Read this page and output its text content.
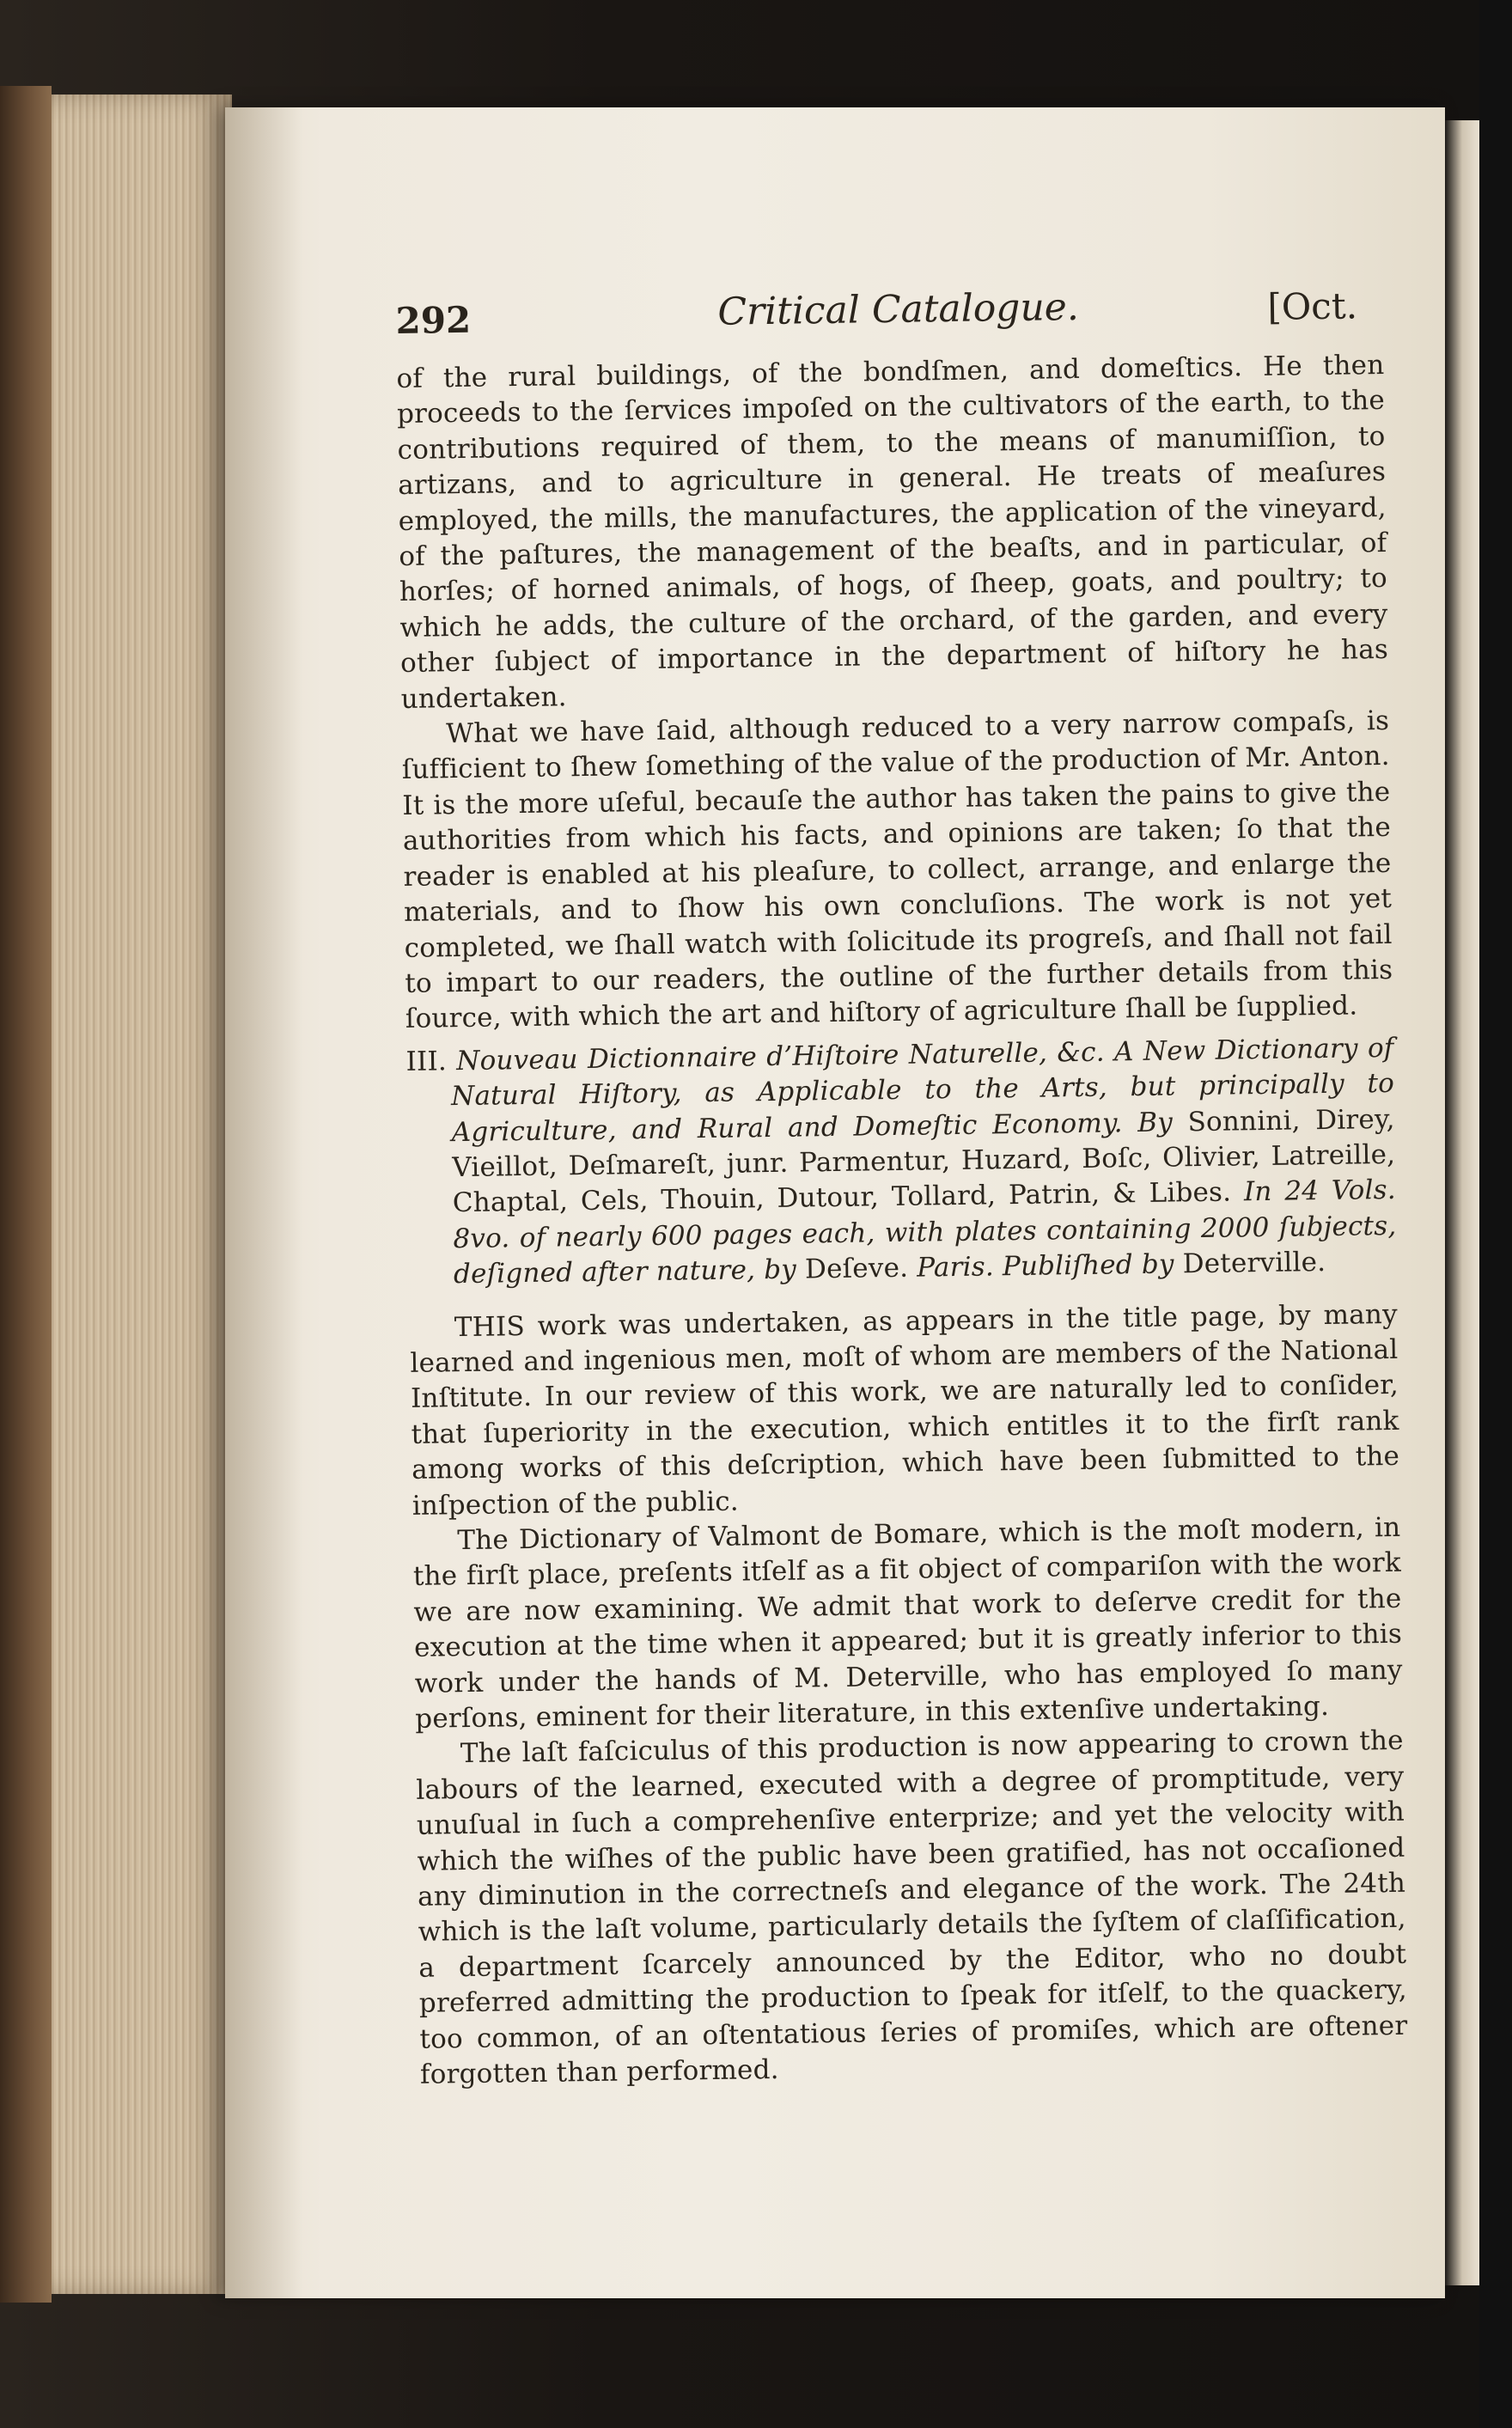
292	Critical Catalogue.	[Oct.

of the rural buildings, of the bondſmen, and domeſtics. He then proceeds to the ſervices impoſed on the cultivators of the earth, to the contributions required of them, to the means of manumiſſion, to artizans, and to agriculture in general. He treats of meaſures employed, the mills, the manufactures, the application of the vineyard, of the paſtures, the management of the beaſts, and in particular, of horſes; of horned animals, of hogs, of ſheep, goats, and poultry; to which he adds, the culture of the orchard, of the garden, and every other ſubject of importance in the department of hiſtory he has undertaken.

What we have ſaid, although reduced to a very narrow compaſs, is ſufficient to ſhew ſomething of the value of the production of Mr. Anton. It is the more uſeful, becauſe the author has taken the pains to give the authorities from which his facts, and opinions are taken; ſo that the reader is enabled at his pleaſure, to collect, arrange, and enlarge the materials, and to ſhow his own concluſions. The work is not yet completed, we ſhall watch with ſolicitude its progreſs, and ſhall not fail to impart to our readers, the outline of the further details from this ſource, with which the art and hiſtory of agriculture ſhall be ſupplied.

III. Nouveau Dictionnaire d’Hiſtoire Naturelle, &c. A New Dictionary of Natural Hiſtory, as Applicable to the Arts, but principally to Agriculture, and Rural and Domeſtic Economy. By Sonnini, Direy, Vieillot, Deſmareſt, junr. Parmentur, Huzard, Boſc, Olivier, Latreille, Chaptal, Cels, Thouin, Dutour, Tollard, Patrin, & Libes. In 24 Vols. 8vo. of nearly 600 pages each, with plates containing 2000 ſubjects, deſigned after nature, by Deſeve. Paris. Publiſhed by Deterville.

THIS work was undertaken, as appears in the title page, by many learned and ingenious men, moſt of whom are members of the National Inſtitute. In our review of this work, we are naturally led to conſider, that ſuperiority in the execution, which entitles it to the firſt rank among works of this deſcription, which have been ſubmitted to the inſpection of the public.

The Dictionary of Valmont de Bomare, which is the moſt modern, in the firſt place, preſents itſelf as a fit object of compariſon with the work we are now examining. We admit that work to deſerve credit for the execution at the time when it appeared; but it is greatly inferior to this work under the hands of M. Deterville, who has employed ſo many perſons, eminent for their literature, in this extenſive undertaking.

The laſt faſciculus of this production is now appearing to crown the labours of the learned, executed with a degree of promptitude, very unuſual in ſuch a comprehenſive enterprize; and yet the velocity with which the wiſhes of the public have been gratified, has not occaſioned any diminution in the correctneſs and elegance of the work. The 24th which is the laſt volume, particularly details the ſyſtem of claſſification, a department ſcarcely announced by the Editor, who no doubt preferred admitting the production to ſpeak for itſelf, to the quackery, too common, of an oſtentatious ſeries of promiſes, which are oftener forgotten than performed.
